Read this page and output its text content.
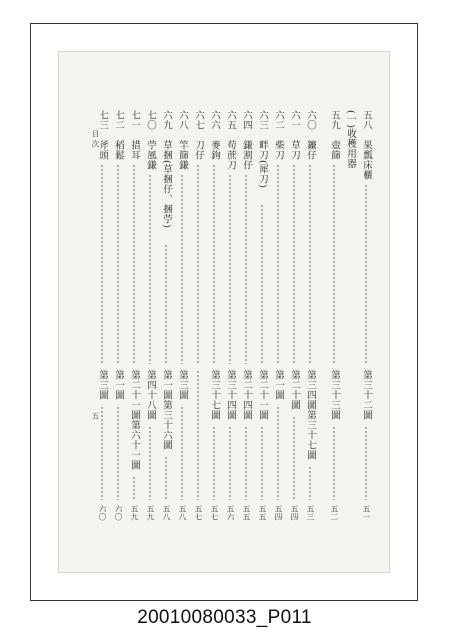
(一)收穫用器 五八
果瓢床櫃
第三十二圖
五一
五九
壺篩
第三十三圖
五二
六〇
鐮仔
第三四圖第三十七圖
五三
六一
草刀
第二十圖
五四
六二
柴刀
第一圖
五四
六三
畔刀(犀刀)
第二十一圖
五五
六四
鎌割仔
第二十四圖
五五
六五
苟蔗刀
第三十四圖
五六
六六
麥鉤
第三十七圖
五七
六七
刀仔
五七
六八
竿篩鎌
第三圖
五八
六九
草捆(草捆仔、捆苧)
第一圖第三十六圖
五八
七〇
苧風鎌
第四十八圖
五九
七一
措耳
第二十一圖第六十一圖
五九
七二
稻鬆
第一圖
六〇
七三
斧頭
第三圖
六〇
目 次
五
20010080033_P011
